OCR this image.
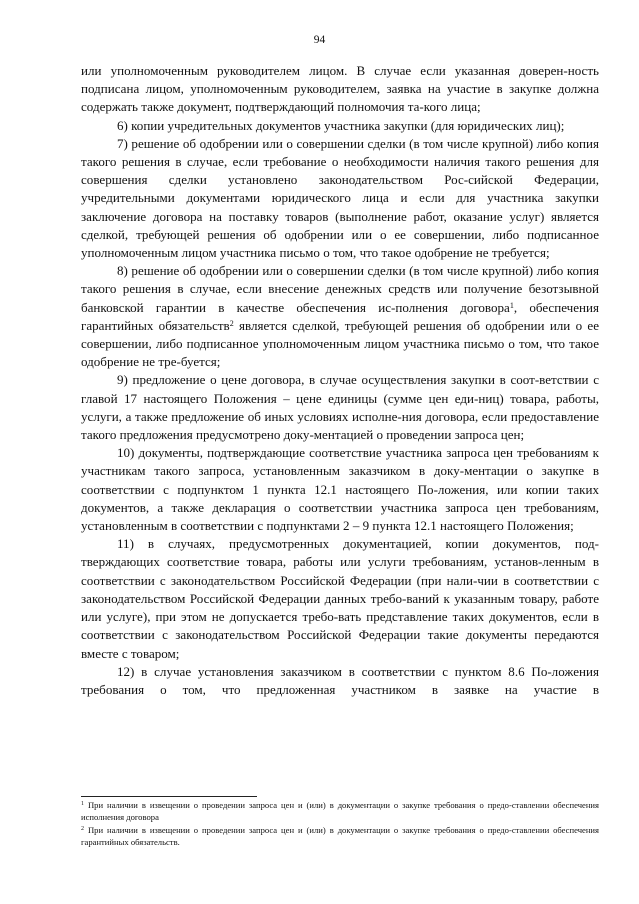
94

или уполномоченным руководителем лицом. В случае если указанная доверен-ность подписана лицом, уполномоченным руководителем, заявка на участие в закупке должна содержать также документ, подтверждающий полномочия та-кого лица;

6) копии учредительных документов участника закупки (для юридических лиц);

7) решение об одобрении или о совершении сделки (в том числе крупной) либо копия такого решения в случае, если требование о необходимости наличия такого решения для совершения сделки установлено законодательством Рос-сийской Федерации, учредительными документами юридического лица и если для участника закупки заключение договора на поставку товаров (выполнение работ, оказание услуг) является сделкой, требующей решения об одобрении или о ее совершении, либо подписанное уполномоченным лицом участника письмо о том, что такое одобрение не требуется;

8) решение об одобрении или о совершении сделки (в том числе крупной) либо копия такого решения в случае, если внесение денежных средств или получение безотзывной банковской гарантии в качестве обеспечения ис-полнения договора$^1$, обеспечения гарантийных обязательств$^2$ является сделкой, требующей решения об одобрении или о ее совершении, либо подписанное уполномоченным лицом участника письмо о том, что такое одобрение не тре-буется;

9) предложение о цене договора, в случае осуществления закупки в соот-ветствии с главой 17 настоящего Положения – цене единицы (сумме цен еди-ниц) товара, работы, услуги, а также предложение об иных условиях исполне-ния договора, если предоставление такого предложения предусмотрено доку-ментацией о проведении запроса цен;

10) документы, подтверждающие соответствие участника запроса цен требованиям к участникам такого запроса, установленным заказчиком в доку-ментации о закупке в соответствии с подпунктом 1 пункта 12.1 настоящего По-ложения, или копии таких документов, а также декларация о соответствии участника запроса цен требованиям, установленным в соответствии с подпунктами 2 – 9 пункта 12.1 настоящего Положения;

11) в случаях, предусмотренных документацией, копии документов, под-тверждающих соответствие товара, работы или услуги требованиям, установ-ленным в соответствии с законодательством Российской Федерации (при нали-чии в соответствии с законодательством Российской Федерации данных требо-ваний к указанным товару, работе или услуге), при этом не допускается требо-вать представление таких документов, если в соответствии с законодательством Российской Федерации такие документы передаются вместе с товаром;

12) в случае установления заказчиком в соответствии с пунктом 8.6 По-ложения требования о том, что предложенная участником в заявке на участие в

$^1$ При наличии в извещении о проведении запроса цен и (или) в документации о закупке требования о предо-ставлении обеспечения исполнения договора

$^2$ При наличии в извещении о проведении запроса цен и (или) в документации о закупке требования о предо-ставлении обеспечения гарантийных обязательств.
